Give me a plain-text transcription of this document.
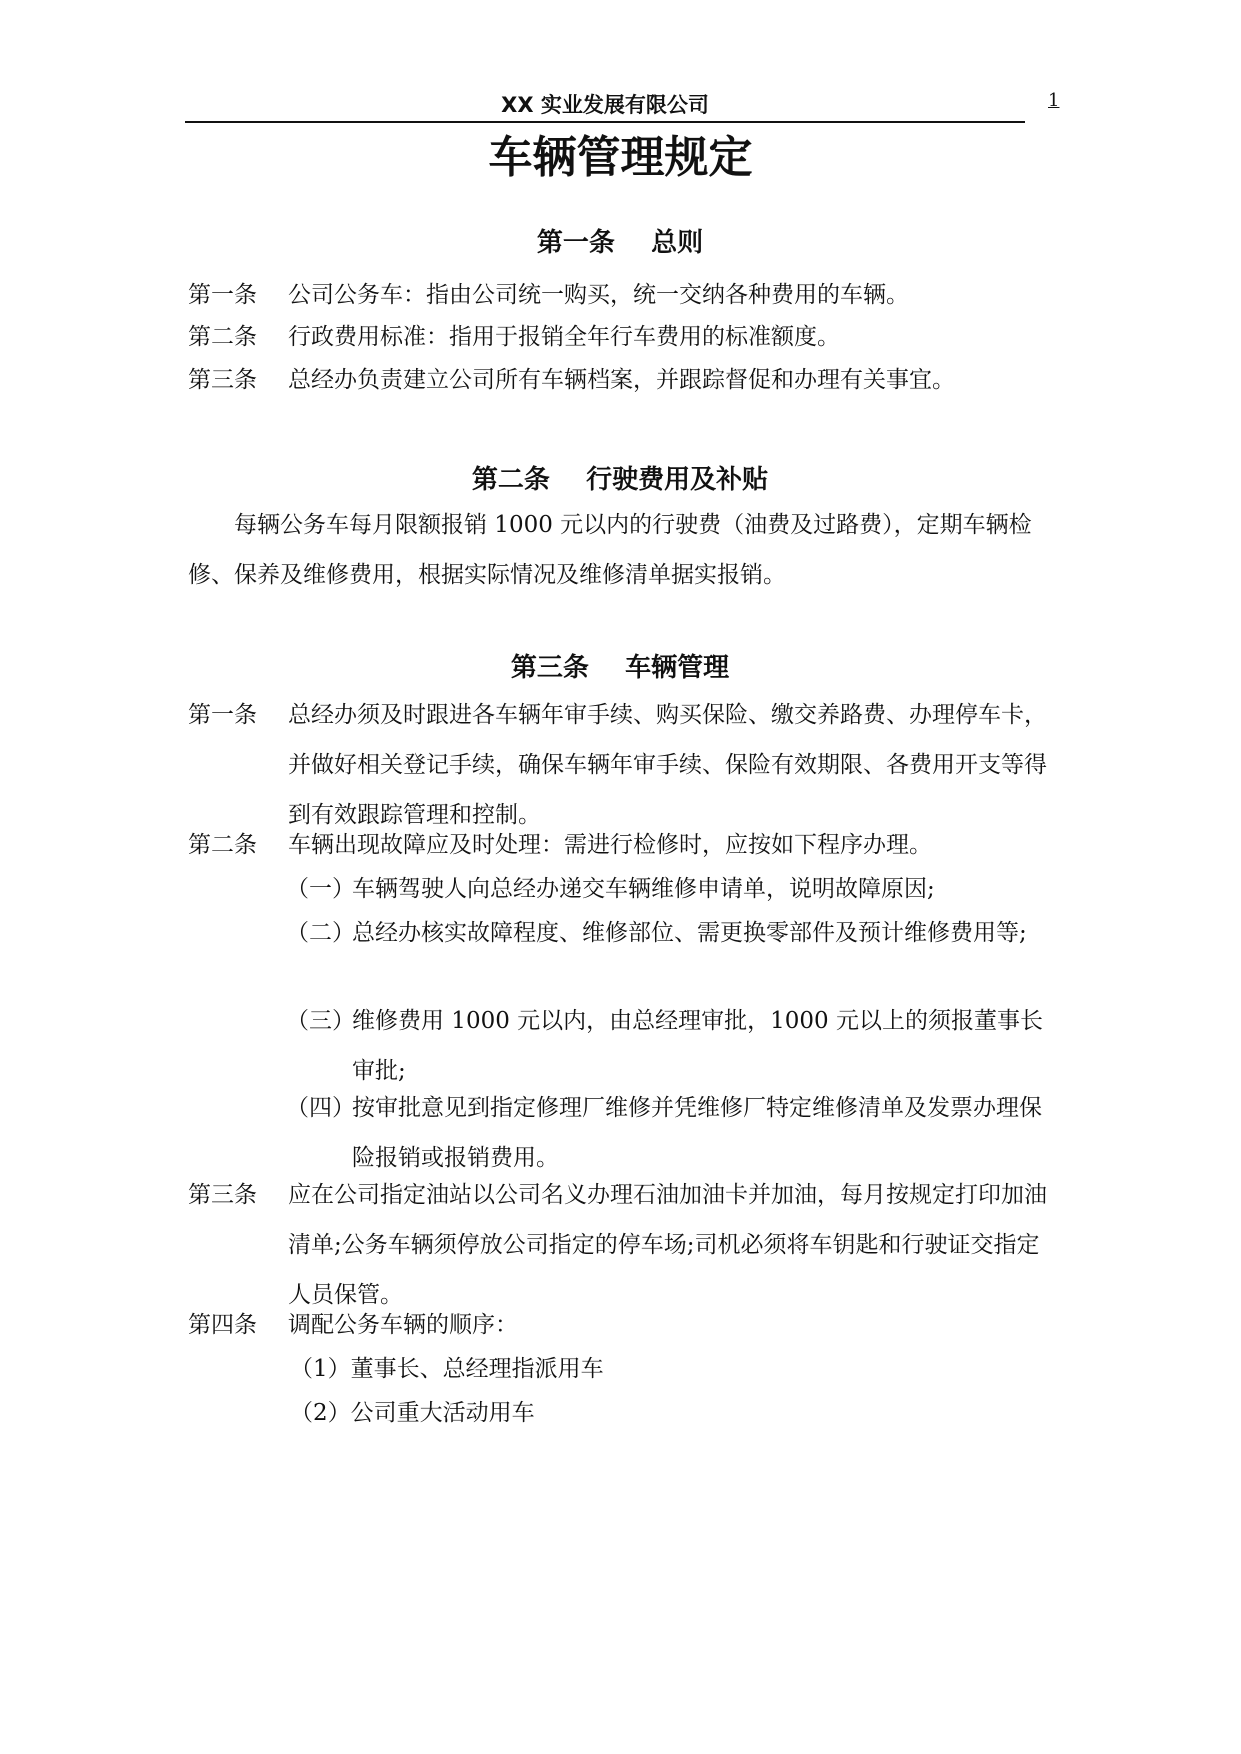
XX 实业发展有限公司	1
车辆管理规定
第一条    总则
第一条 公司公务车：指由公司统一购买，统一交纳各种费用的车辆。
第二条 行政费用标准：指用于报销全年行车费用的标准额度。
第三条 总经办负责建立公司所有车辆档案，并跟踪督促和办理有关事宜。
第二条    行驶费用及补贴
每辆公务车每月限额报销 1000 元以内的行驶费（油费及过路费），定期车辆检修、保养及维修费用，根据实际情况及维修清单据实报销。
第三条    车辆管理
第一条 总经办须及时跟进各车辆年审手续、购买保险、缴交养路费、办理停车卡，并做好相关登记手续，确保车辆年审手续、保险有效期限、各费用开支等得到有效跟踪管理和控制。
第二条 车辆出现故障应及时处理：需进行检修时，应按如下程序办理。
（一）
车辆驾驶人向总经办递交车辆维修申请单，说明故障原因;
（二）
总经办核实故障程度、维修部位、需更换零部件及预计维修费用等;
（三）
维修费用 1000 元以内，由总经理审批，1000 元以上的须报董事长审批;
（四）
按审批意见到指定修理厂维修并凭维修厂特定维修清单及发票办理保险报销或报销费用。
第三条 应在公司指定油站以公司名义办理石油加油卡并加油，每月按规定打印加油清单;公务车辆须停放公司指定的停车场;司机必须将车钥匙和行驶证交指定人员保管。
第四条 调配公务车辆的顺序：
（1）董事长、总经理指派用车
（2）公司重大活动用车
